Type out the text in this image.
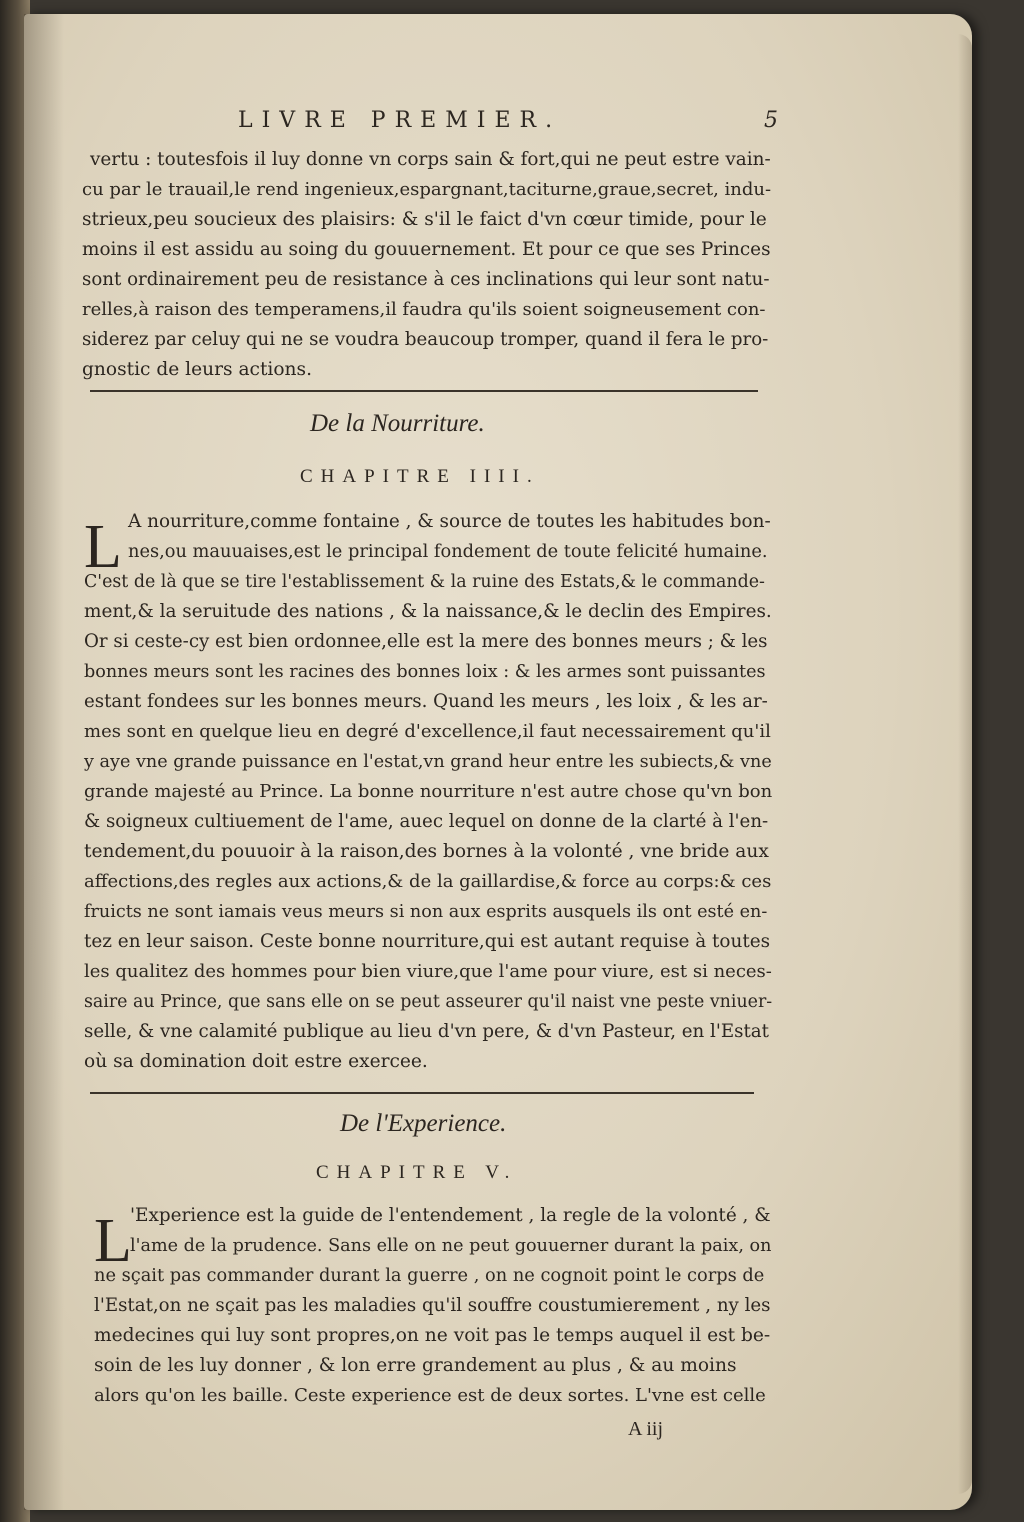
LIVRE PREMIER.	5
vertu : toutesfois il luy donne vn corps sain & fort,qui ne peut estre vain-
cu par le trauail,le rend ingenieux,espargnant,taciturne,graue,secret, indu-
strieux,peu soucieux des plaisirs: & s'il le faict d'vn cœur timide, pour le
moins il est assidu au soing du gouuernement. Et pour ce que ses Princes
sont ordinairement peu de resistance à ces inclinations qui leur sont natu-
relles,à raison des temperamens,il faudra qu'ils soient soigneusement con-
siderez par celuy qui ne se voudra beaucoup tromper, quand il fera le pro-
gnostic de leurs actions.
De la Nourriture.
CHAPITRE IIII.
L A nourriture,comme fontaine , & source de toutes les habitudes bon-
nes,ou mauuaises,est le principal fondement de toute felicité humaine.
C'est de là que se tire l'establissement & la ruine des Estats,& le commande-
ment,& la seruitude des nations , & la naissance,& le declin des Empires.
Or si ceste-cy est bien ordonnee,elle est la mere des bonnes meurs ; & les
bonnes meurs sont les racines des bonnes loix : & les armes sont puissantes
estant fondees sur les bonnes meurs. Quand les meurs , les loix , & les ar-
mes sont en quelque lieu en degré d'excellence,il faut necessairement qu'il
y aye vne grande puissance en l'estat,vn grand heur entre les subiects,& vne
grande majesté au Prince. La bonne nourriture n'est autre chose qu'vn bon
& soigneux cultiuement de l'ame, auec lequel on donne de la clarté à l'en-
tendement,du pouuoir à la raison,des bornes à la volonté , vne bride aux
affections,des regles aux actions,& de la gaillardise,& force au corps:& ces
fruicts ne sont iamais veus meurs si non aux esprits ausquels ils ont esté en-
tez en leur saison. Ceste bonne nourriture,qui est autant requise à toutes
les qualitez des hommes pour bien viure,que l'ame pour viure, est si neces-
saire au Prince, que sans elle on se peut asseurer qu'il naist vne peste vniuer-
selle, & vne calamité publique au lieu d'vn pere, & d'vn Pasteur, en l'Estat
où sa domination doit estre exercee.
De l'Experience.
CHAPITRE V.
L
'Experience est la guide de l'entendement , la regle de la volonté , &
l'ame de la prudence. Sans elle on ne peut gouuerner durant la paix, on
ne sçait pas commander durant la guerre , on ne cognoit point le corps de
l'Estat,on ne sçait pas les maladies qu'il souffre coustumierement , ny les
medecines qui luy sont propres,on ne voit pas le temps auquel il est be-
soin de les luy donner , & lon erre grandement au plus , & au moins
alors qu'on les baille. Ceste experience est de deux sortes. L'vne est celle
A iij
